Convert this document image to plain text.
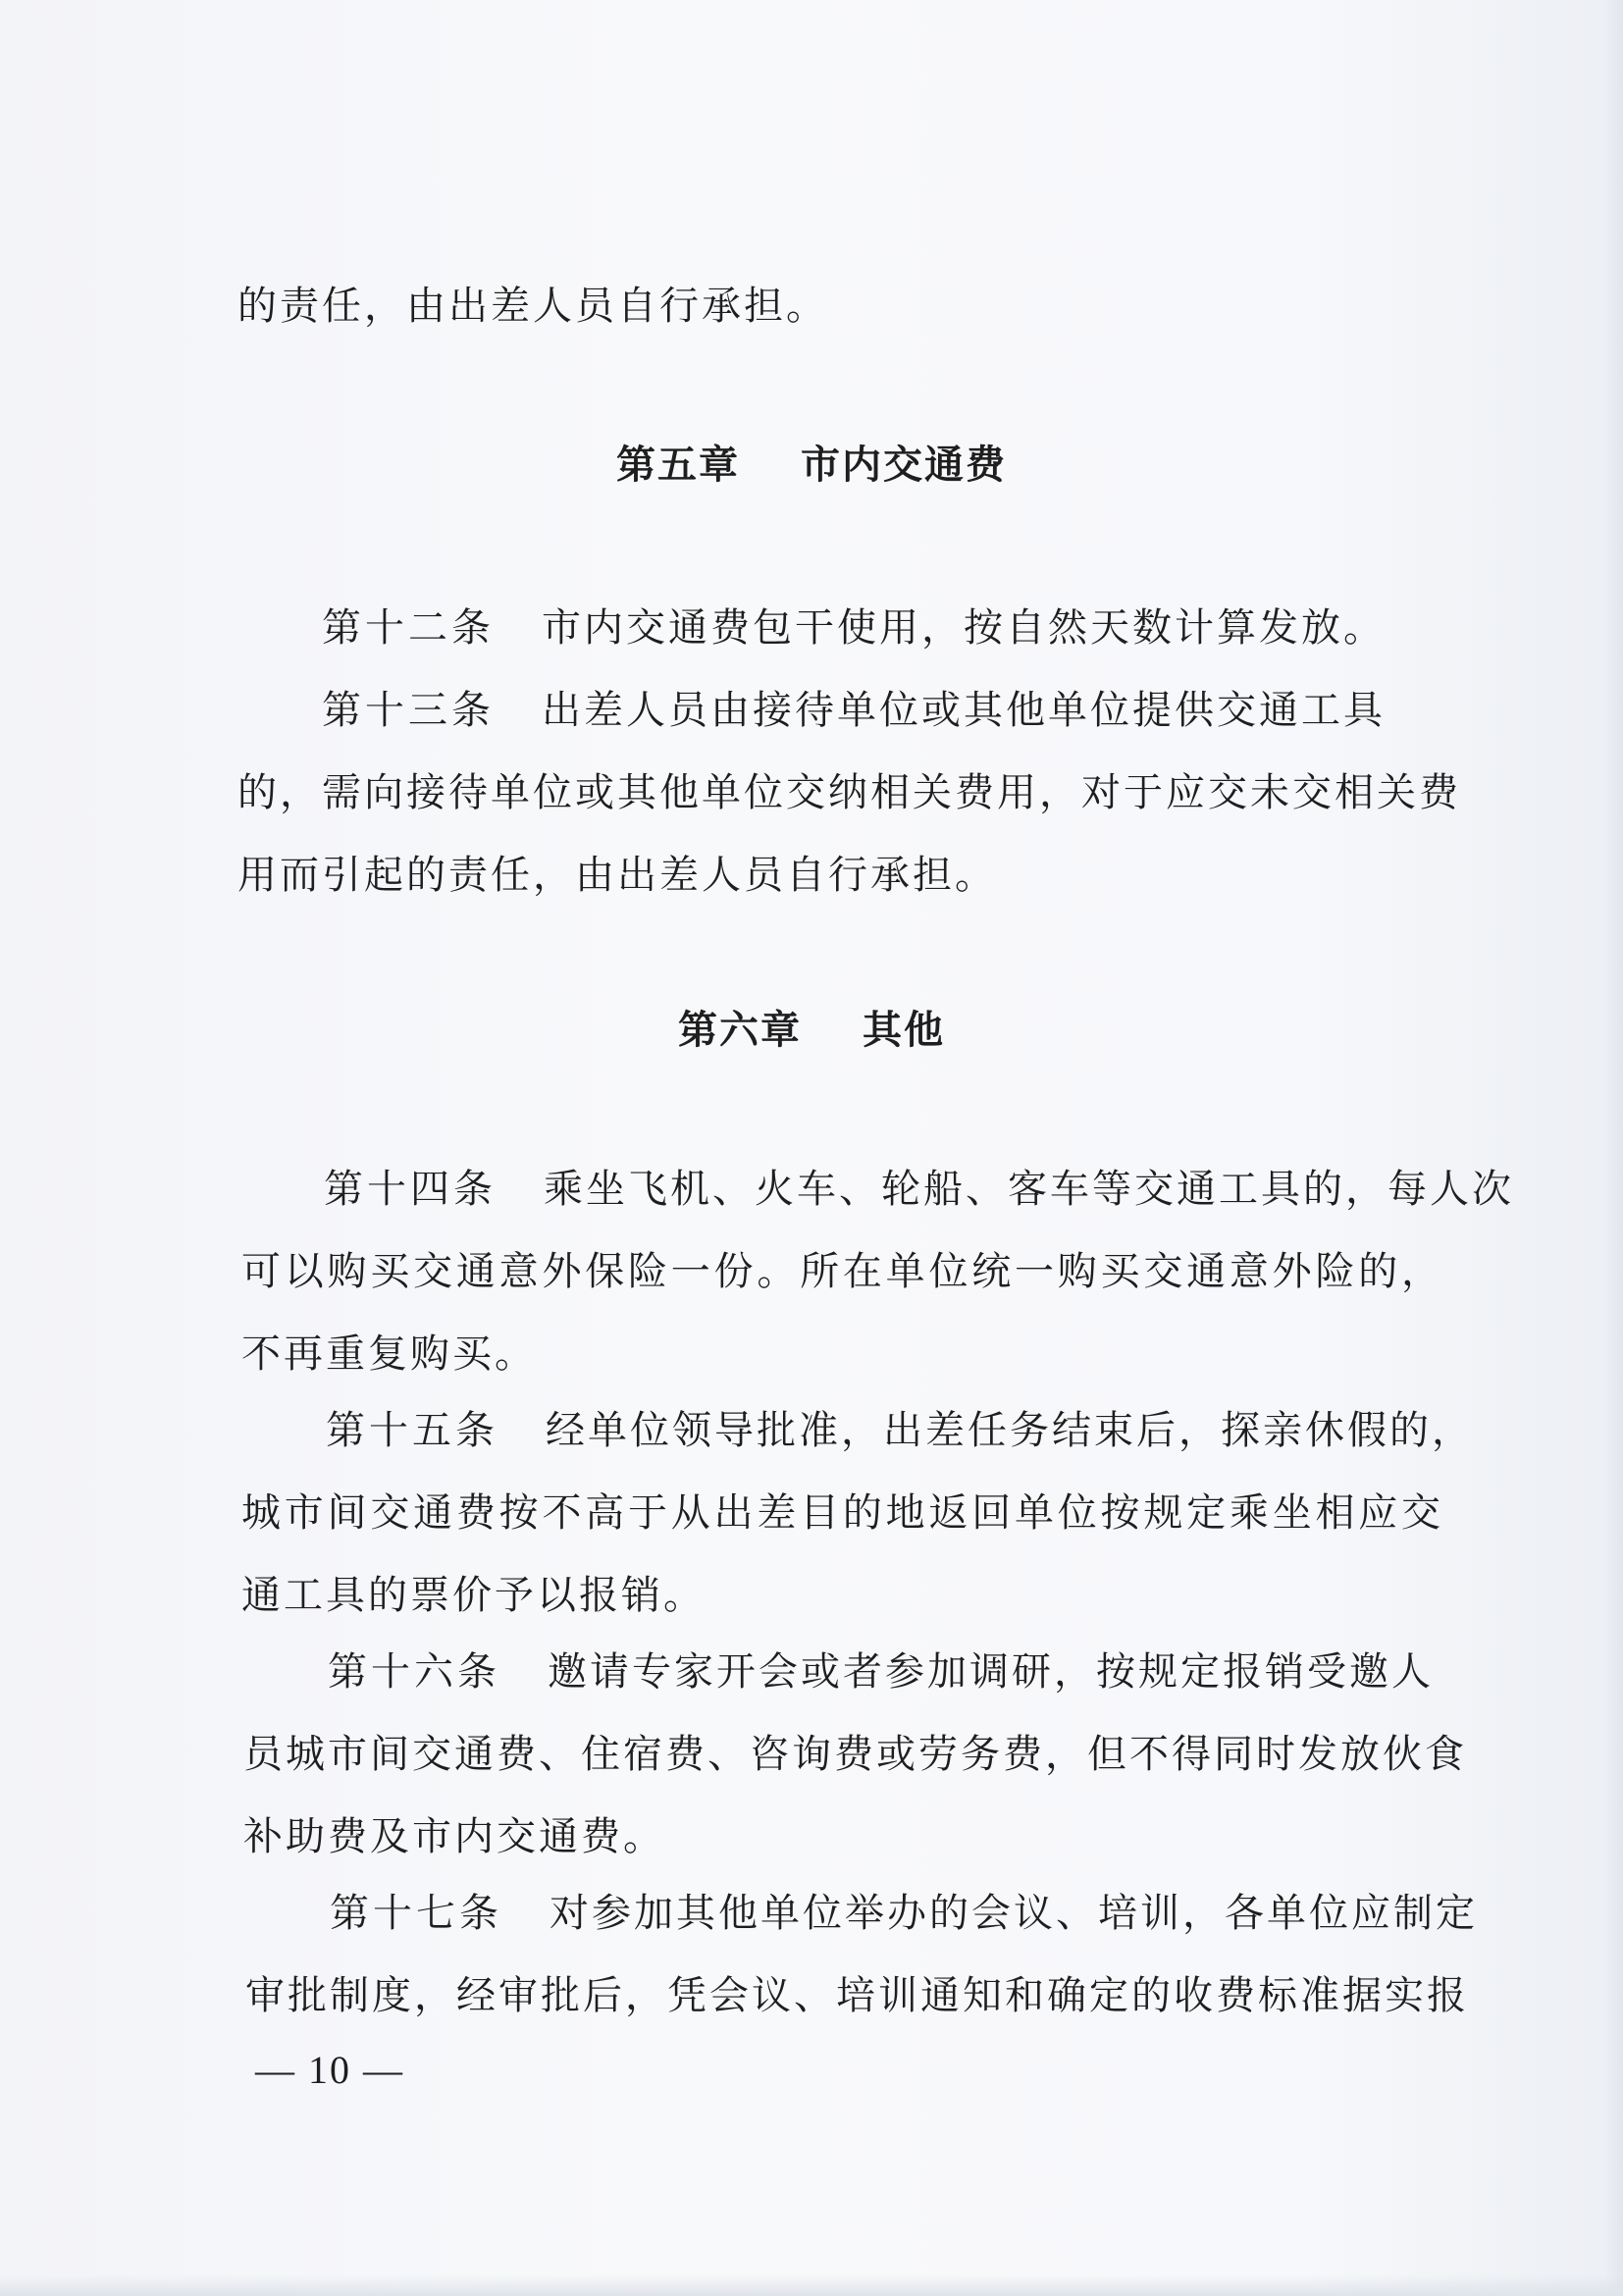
的责任，由出差人员自行承担。
第五章 市内交通费
第十二条 市内交通费包干使用，按自然天数计算发放。
第十三条 出差人员由接待单位或其他单位提供交通工具
的，需向接待单位或其他单位交纳相关费用，对于应交未交相关费
用而引起的责任，由出差人员自行承担。
第六章 其他
第十四条 乘坐飞机、火车、轮船、客车等交通工具的，每人次
可以购买交通意外保险一份。所在单位统一购买交通意外险的，
不再重复购买。
第十五条 经单位领导批准，出差任务结束后，探亲休假的，
城市间交通费按不高于从出差目的地返回单位按规定乘坐相应交
通工具的票价予以报销。
第十六条 邀请专家开会或者参加调研，按规定报销受邀人
员城市间交通费、住宿费、咨询费或劳务费，但不得同时发放伙食
补助费及市内交通费。
第十七条 对参加其他单位举办的会议、培训，各单位应制定
审批制度，经审批后，凭会议、培训通知和确定的收费标准据实报
— 10 —
